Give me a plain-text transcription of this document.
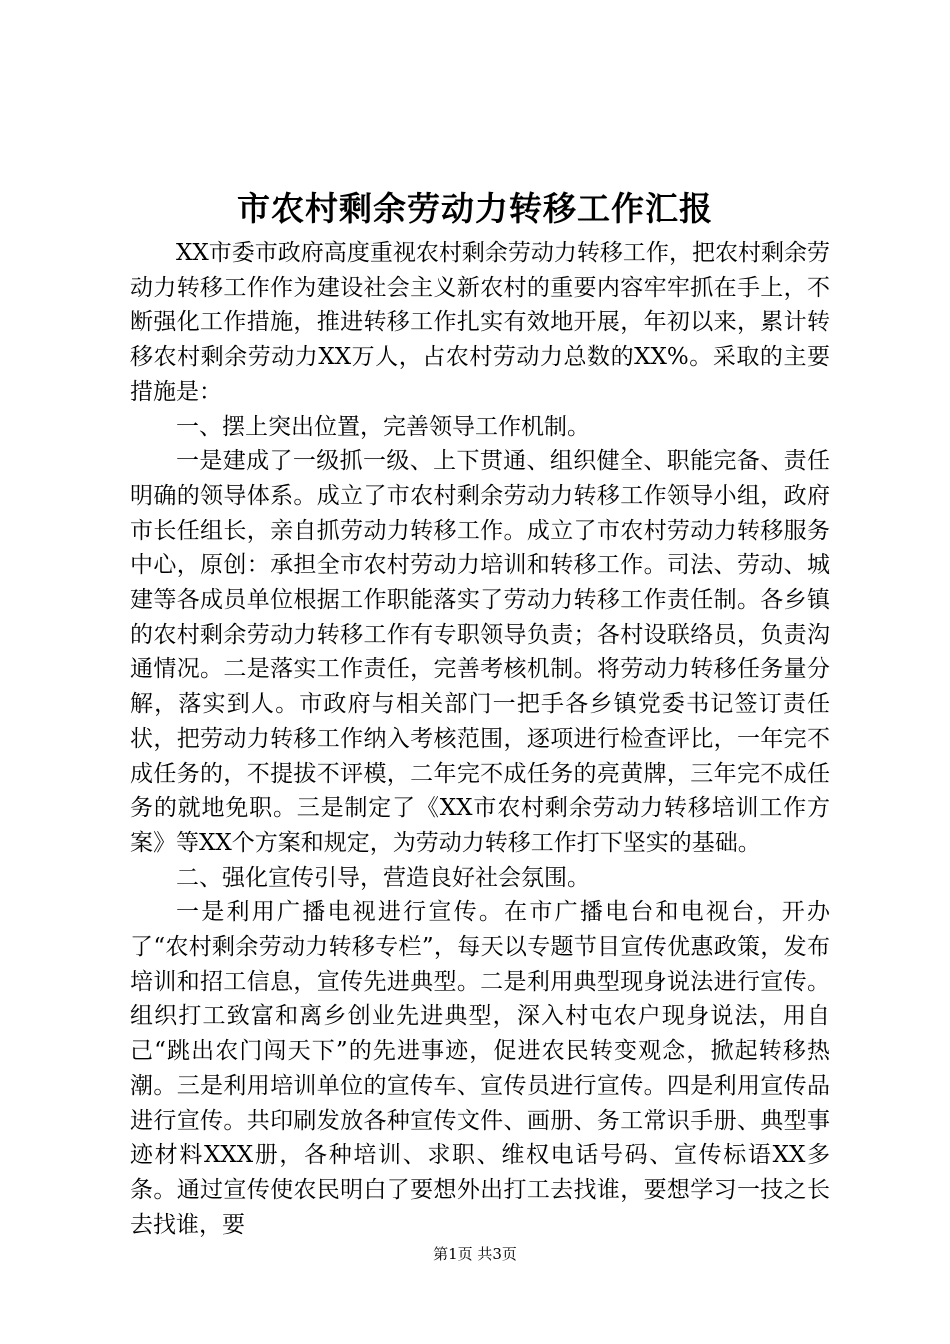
市农村剩余劳动力转移工作汇报

XX市委市政府高度重视农村剩余劳动力转移工作，把农村剩余劳动力转移工作作为建设社会主义新农村的重要内容牢牢抓在手上，不断强化工作措施，推进转移工作扎实有效地开展，年初以来，累计转移农村剩余劳动力XX万人，占农村劳动力总数的XX%。采取的主要措施是：

一、摆上突出位置，完善领导工作机制。

一是建成了一级抓一级、上下贯通、组织健全、职能完备、责任明确的领导体系。成立了市农村剩余劳动力转移工作领导小组，政府市长任组长，亲自抓劳动力转移工作。成立了市农村劳动力转移服务中心，原创：承担全市农村劳动力培训和转移工作。司法、劳动、城建等各成员单位根据工作职能落实了劳动力转移工作责任制。各乡镇的农村剩余劳动力转移工作有专职领导负责；各村设联络员，负责沟通情况。二是落实工作责任，完善考核机制。将劳动力转移任务量分解，落实到人。市政府与相关部门一把手各乡镇党委书记签订责任状，把劳动力转移工作纳入考核范围，逐项进行检查评比，一年完不成任务的，不提拔不评模，二年完不成任务的亮黄牌，三年完不成任务的就地免职。三是制定了《XX市农村剩余劳动力转移培训工作方案》等XX个方案和规定，为劳动力转移工作打下坚实的基础。

二、强化宣传引导，营造良好社会氛围。

一是利用广播电视进行宣传。在市广播电台和电视台，开办了“农村剩余劳动力转移专栏”，每天以专题节目宣传优惠政策，发布培训和招工信息，宣传先进典型。二是利用典型现身说法进行宣传。组织打工致富和离乡创业先进典型，深入村屯农户现身说法，用自己“跳出农门闯天下”的先进事迹，促进农民转变观念，掀起转移热潮。三是利用培训单位的宣传车、宣传员进行宣传。四是利用宣传品进行宣传。共印刷发放各种宣传文件、画册、务工常识手册、典型事迹材料XXX册，各种培训、求职、维权电话号码、宣传标语XX多条。通过宣传使农民明白了要想外出打工去找谁，要想学习一技之长去找谁，要

第1页 共3页
